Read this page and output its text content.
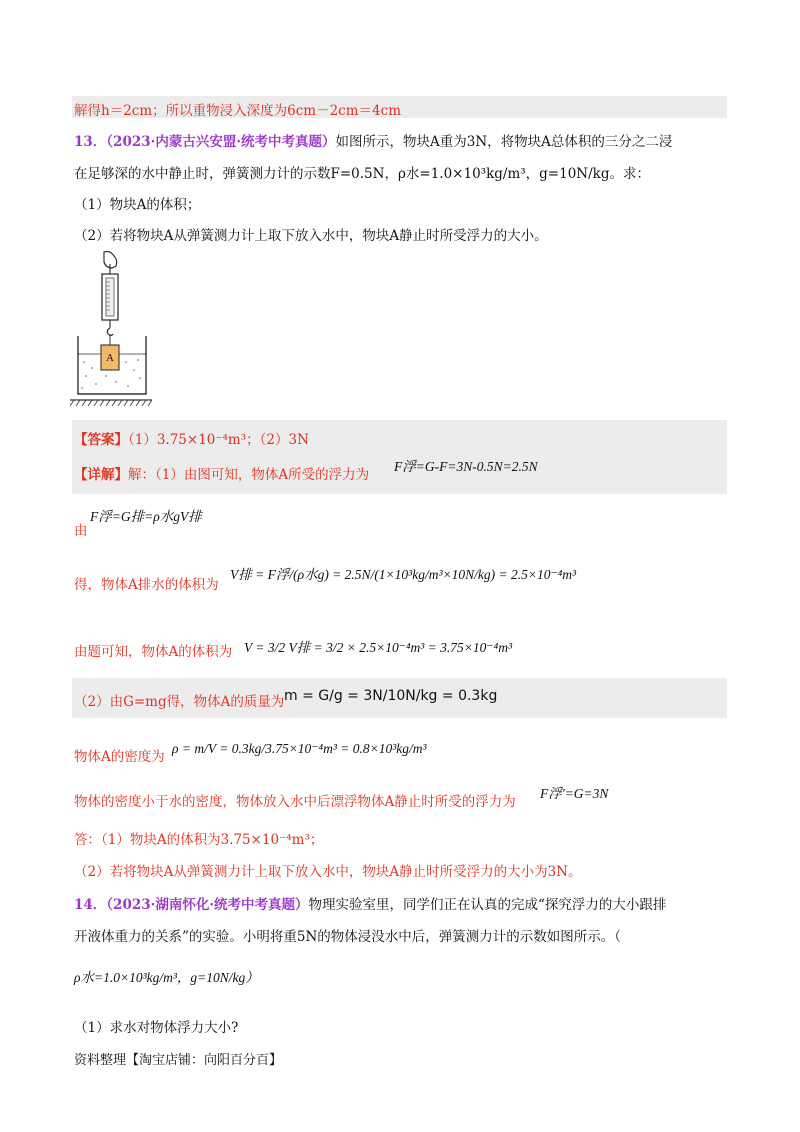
解得h＝2cm；所以重物浸入深度为6cm－2cm＝4cm
13．（2023·内蒙古兴安盟·统考中考真题）如图所示，物块A重为3N，将物块A总体积的三分之二浸
在足够深的水中静止时，弹簧测力计的示数F=0.5N，ρ水=1.0×10³kg/m³，g=10N/kg。求：
（1）物块A的体积；
（2）若将物块A从弹簧测力计上取下放入水中，物块A静止时所受浮力的大小。
A
【答案】（1）3.75×10⁻⁴m³；（2）3N
【详解】解：（1）由图可知，物体A所受的浮力为
F浮=G-F=3N-0.5N=2.5N
F浮=G排=ρ水gV排
由
得，物体A排水的体积为
V排 = F浮/(ρ水g) = 2.5N/(1×10³kg/m³×10N/kg) = 2.5×10⁻⁴m³
由题可知，物体A的体积为 V = 3/2 V排 = 3/2 × 2.5×10⁻⁴m³ = 3.75×10⁻⁴m³
（2）由G=mg得，物体A的质量为 m = G/g = 3N/10N/kg = 0.3kg
物体A的密度为
ρ = m/V = 0.3kg/3.75×10⁻⁴m³ = 0.8×10³kg/m³
物体的密度小于水的密度，物体放入水中后漂浮物体A静止时所受的浮力为
F浮′=G=3N
答：（1）物块A的体积为3.75×10⁻⁴m³；
（2）若将物块A从弹簧测力计上取下放入水中，物块A静止时所受浮力的大小为3N。
14．（2023·湖南怀化·统考中考真题）物理实验室里，同学们正在认真的完成“探究浮力的大小跟排
开液体重力的关系”的实验。小明将重5N的物体浸没水中后，弹簧测力计的示数如图所示。（
ρ水=1.0×10³kg/m³，g=10N/kg）
（1）求水对物体浮力大小?
资料整理【淘宝店铺：向阳百分百】
